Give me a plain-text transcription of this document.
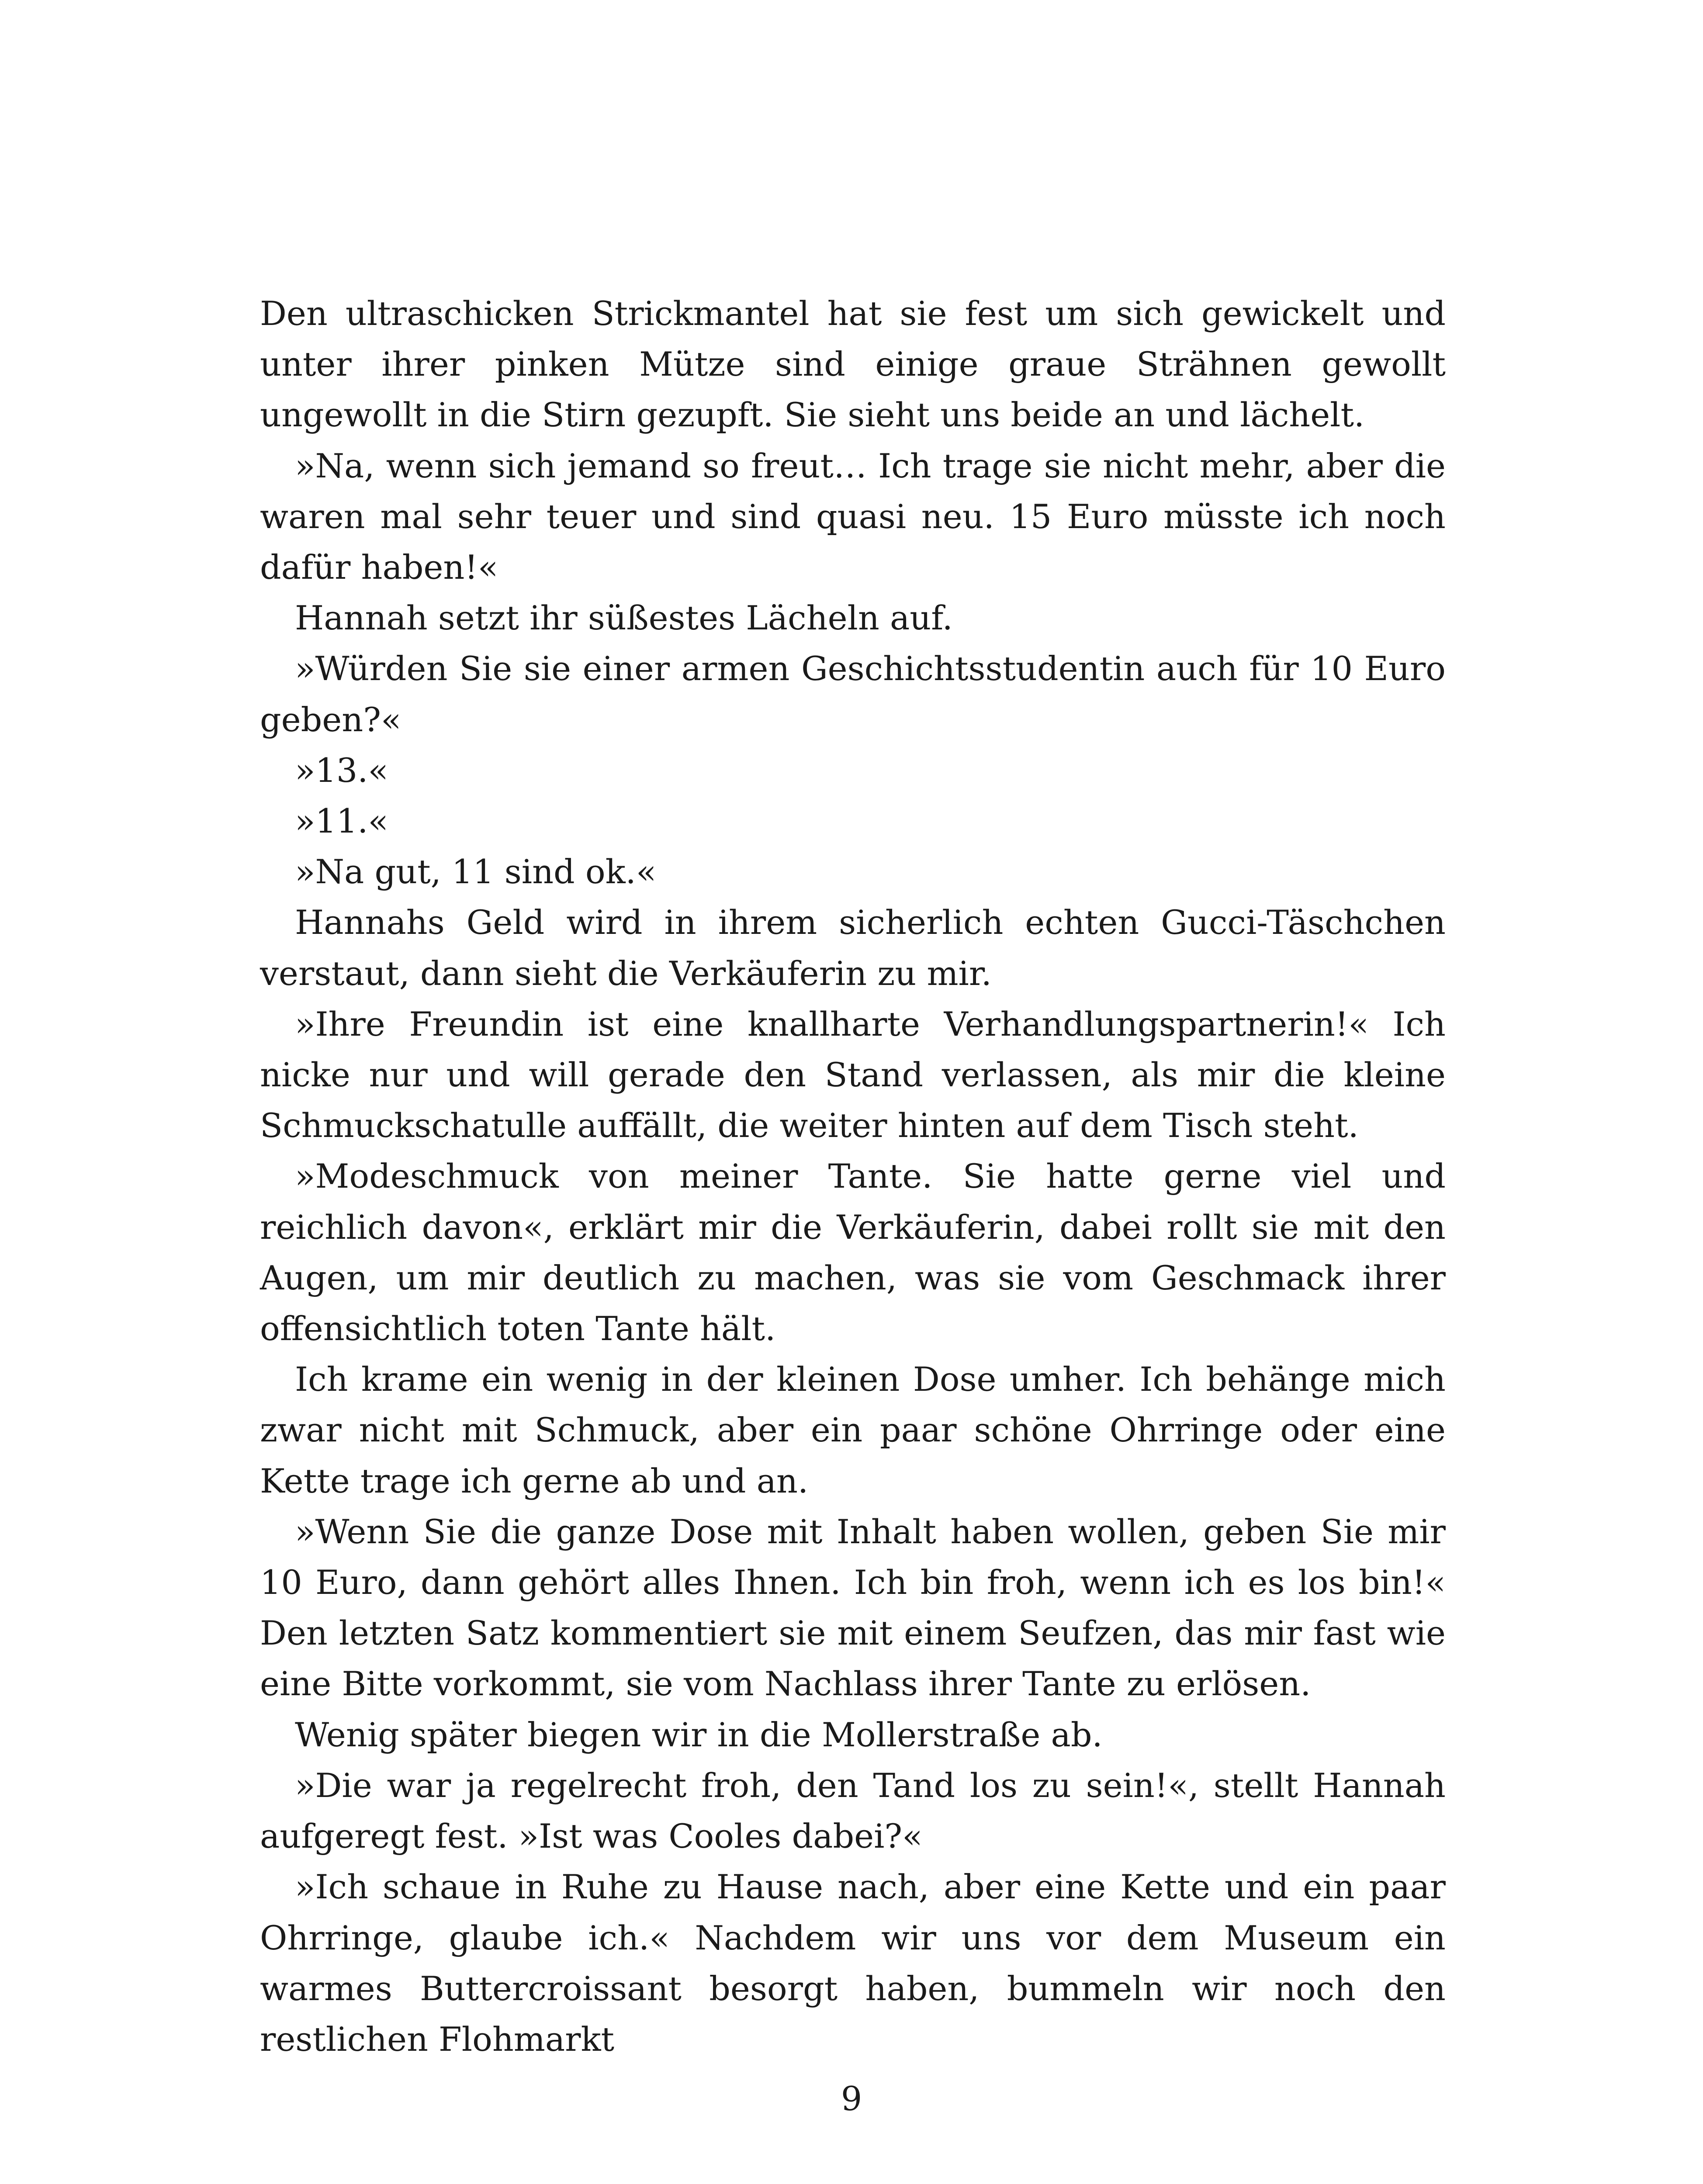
Den ultraschicken Strickmantel hat sie fest um sich gewickelt und unter ihrer pinken Mütze sind einige graue Strähnen gewollt ungewollt in die Stirn gezupft. Sie sieht uns beide an und lächelt.

»Na, wenn sich jemand so freut… Ich trage sie nicht mehr, aber die waren mal sehr teuer und sind quasi neu. 15 Euro müsste ich noch dafür haben!«

Hannah setzt ihr süßestes Lächeln auf.

»Würden Sie sie einer armen Geschichtsstudentin auch für 10 Euro geben?«

»13.«

»11.«

»Na gut, 11 sind ok.«

Hannahs Geld wird in ihrem sicherlich echten Gucci-Täschchen verstaut, dann sieht die Verkäuferin zu mir.

»Ihre Freundin ist eine knallharte Verhandlungspartnerin!« Ich nicke nur und will gerade den Stand verlassen, als mir die kleine Schmuckschatulle auffällt, die weiter hinten auf dem Tisch steht.

»Modeschmuck von meiner Tante. Sie hatte gerne viel und reichlich davon«, erklärt mir die Verkäuferin, dabei rollt sie mit den Augen, um mir deutlich zu machen, was sie vom Geschmack ihrer offensichtlich toten Tante hält.

Ich krame ein wenig in der kleinen Dose umher. Ich behänge mich zwar nicht mit Schmuck, aber ein paar schöne Ohrringe oder eine Kette trage ich gerne ab und an.

»Wenn Sie die ganze Dose mit Inhalt haben wollen, geben Sie mir 10 Euro, dann gehört alles Ihnen. Ich bin froh, wenn ich es los bin!« Den letzten Satz kommentiert sie mit einem Seufzen, das mir fast wie eine Bitte vorkommt, sie vom Nachlass ihrer Tante zu erlösen.

Wenig später biegen wir in die Mollerstraße ab.

»Die war ja regelrecht froh, den Tand los zu sein!«, stellt Hannah aufgeregt fest. »Ist was Cooles dabei?«

»Ich schaue in Ruhe zu Hause nach, aber eine Kette und ein paar Ohrringe, glaube ich.« Nachdem wir uns vor dem Museum ein warmes Buttercroissant besorgt haben, bummeln wir noch den restlichen Flohmarkt

9
